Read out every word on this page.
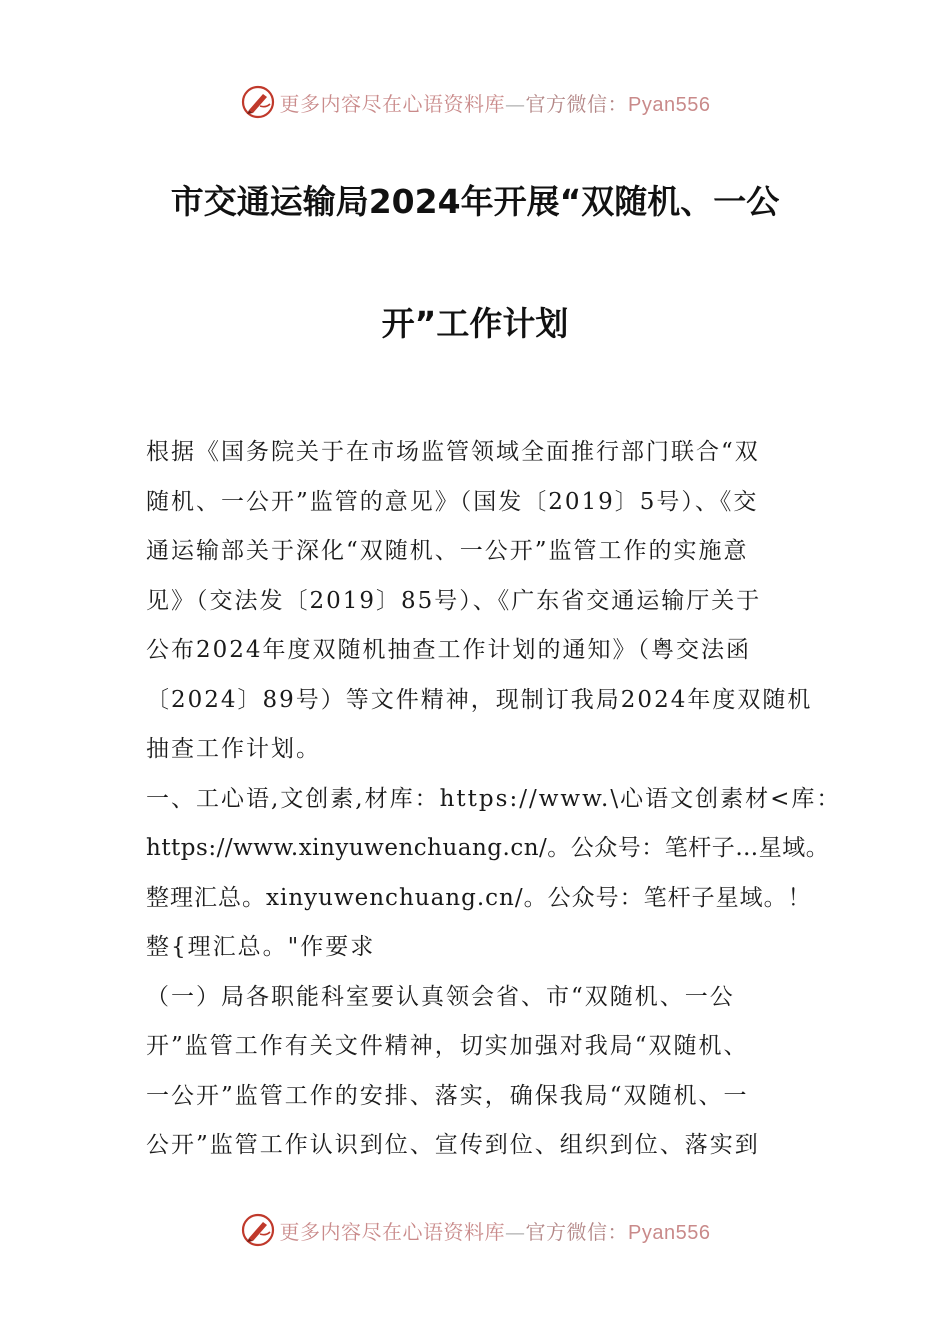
更多内容尽在心语资料库—官方微信：Pyan556
市交通运输局2024年开展“双随机、一公
开”工作计划

根据《国务院关于在市场监管领域全面推行部门联合“双

随机、一公开”监管的意见》（国发〔2019〕5号）、《交

通运输部关于深化“双随机、一公开”监管工作的实施意

见》（交法发〔2019〕85号）、《广东省交通运输厅关于

公布2024年度双随机抽查工作计划的通知》（粤交法函

〔2024〕89号）等文件精神，现制订我局2024年度双随机

抽查工作计划。

一、工心语,文创素,材库：https://www.\心语文创素材<库：

https://www.xinyuwenchuang.cn/。公众号：笔杆子…星域。

整理汇总。xinyuwenchuang.cn/。公众号：笔杆子星域。！

整{理汇总。"作要求

（一）局各职能科室要认真领会省、市“双随机、一公

开”监管工作有关文件精神，切实加强对我局“双随机、

一公开”监管工作的安排、落实，确保我局“双随机、一

公开”监管工作认识到位、宣传到位、组织到位、落实到

更多内容尽在心语资料库—官方微信：Pyan556
